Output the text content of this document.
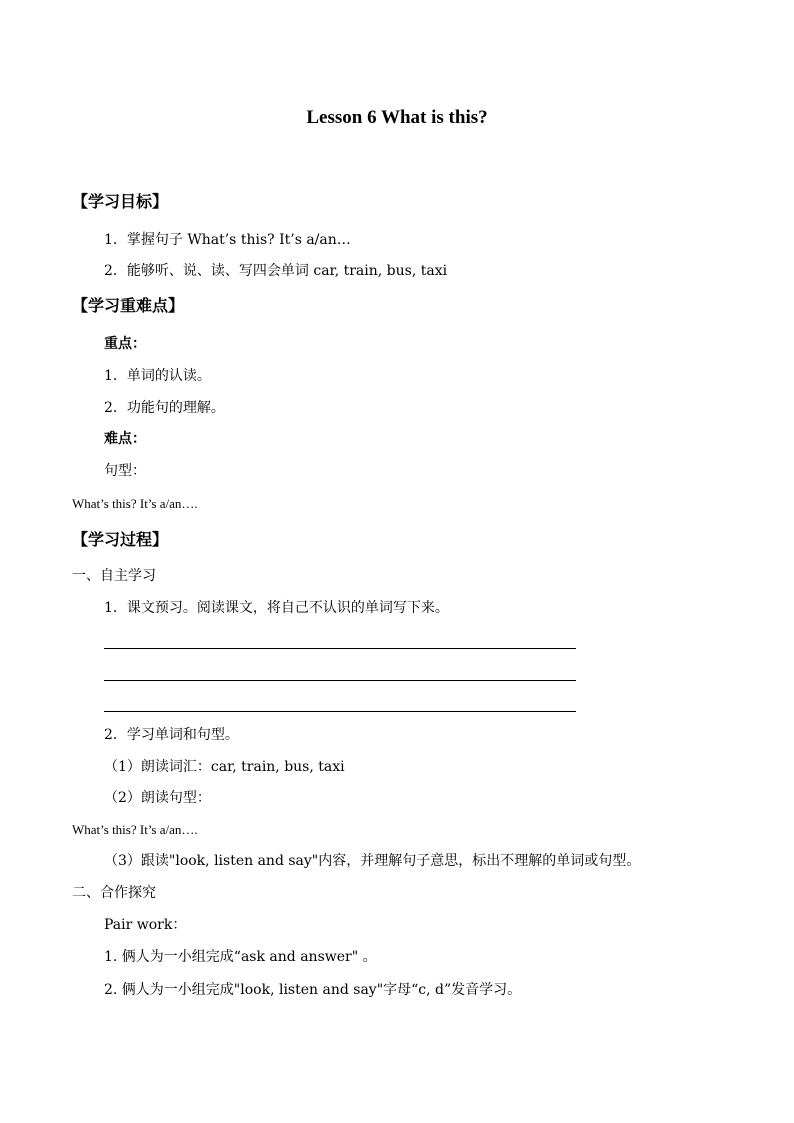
Lesson 6 What is this?
【学习目标】
1．掌握句子 What’s this? It’s a/an…
2．能够听、说、读、写四会单词 car, train, bus, taxi
【学习重难点】
重点：
1．单词的认读。
2．功能句的理解。
难点：
句型：
What’s this? It’s a/an….
【学习过程】
一、自主学习
1．课文预习。阅读课文，将自己不认识的单词写下来。
2．学习单词和句型。
（1）朗读词汇：car, train, bus, taxi
（2）朗读句型：
What’s this? It’s a/an….
（3）跟读"look, listen and say"内容，并理解句子意思，标出不理解的单词或句型。
二、合作探究
Pair work：
1. 俩人为一小组完成“ask and answer" 。
2. 俩人为一小组完成"look, listen and say"字母“c, d”发音学习。
